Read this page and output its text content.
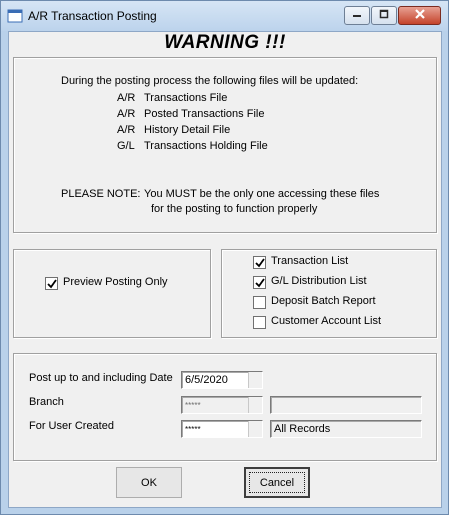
A/R Transaction Posting
WARNING !!!
During the posting process the following files will be updated:
A/R Transactions File
A/R Posted Transactions File
A/R History Detail File
G/L Transactions Holding File
PLEASE NOTE: You MUST be the only one accessing these files
for the posting to function properly
Preview Posting Only
Transaction List
G/L Distribution List
Deposit Batch Report
Customer Account List
Post up to and including Date	6/5/2020
Branch	*****
For User Created	*****	All Records
OK	Cancel
